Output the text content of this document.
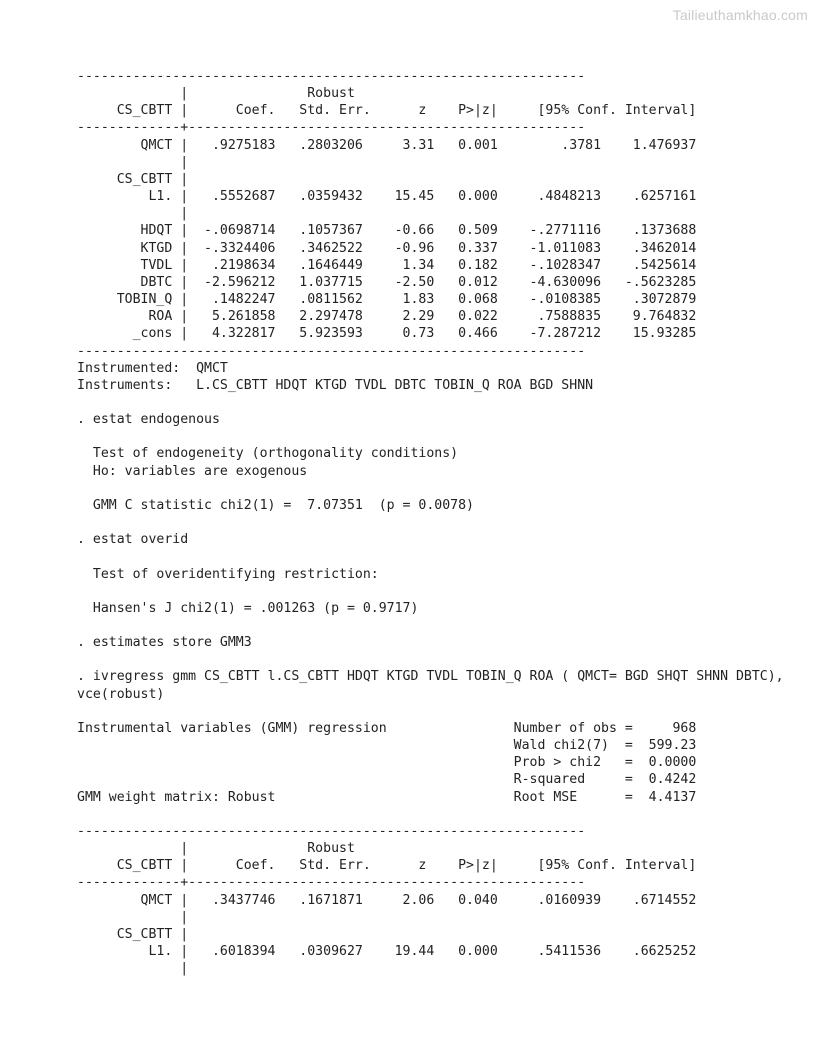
Tailieuthamkhao.com
----------------------------------------------------------------
|               Robust
CS_CBTT |      Coef.   Std. Err.      z    P>|z|     [95% Conf. Interval]
-------------+--------------------------------------------------
QMCT |   .9275183   .2803206     3.31   0.001        .3781    1.476937
|
CS_CBTT |
L1. |   .5552687   .0359432    15.45   0.000     .4848213    .6257161
|
HDQT |  -.0698714   .1057367    -0.66   0.509    -.2771116    .1373688
KTGD |  -.3324406   .3462522    -0.96   0.337    -1.011083    .3462014
TVDL |   .2198634   .1646449     1.34   0.182    -.1028347    .5425614
DBTC |  -2.596212   1.037715    -2.50   0.012    -4.630096   -.5623285
TOBIN_Q |   .1482247   .0811562     1.83   0.068    -.0108385    .3072879
ROA |   5.261858   2.297478     2.29   0.022     .7588835    9.764832
_cons |   4.322817   5.923593     0.73   0.466    -7.287212    15.93285
----------------------------------------------------------------
Instrumented:  QMCT
Instruments:   L.CS_CBTT HDQT KTGD TVDL DBTC TOBIN_Q ROA BGD SHNN

. estat endogenous

Test of endogeneity (orthogonality conditions)
Ho: variables are exogenous

GMM C statistic chi2(1) =  7.07351  (p = 0.0078)

. estat overid

Test of overidentifying restriction:

Hansen's J chi2(1) = .001263 (p = 0.9717)

. estimates store GMM3

. ivregress gmm CS_CBTT l.CS_CBTT HDQT KTGD TVDL TOBIN_Q ROA ( QMCT= BGD SHQT SHNN DBTC),
vce(robust)

Instrumental variables (GMM) regression                Number of obs =     968
Wald chi2(7)  =  599.23
Prob > chi2   =  0.0000
R-squared     =  0.4242
GMM weight matrix: Robust                              Root MSE      =  4.4137

----------------------------------------------------------------
|               Robust
CS_CBTT |      Coef.   Std. Err.      z    P>|z|     [95% Conf. Interval]
-------------+--------------------------------------------------
QMCT |   .3437746   .1671871     2.06   0.040     .0160939    .6714552
|
CS_CBTT |
L1. |   .6018394   .0309627    19.44   0.000     .5411536    .6625252
|
